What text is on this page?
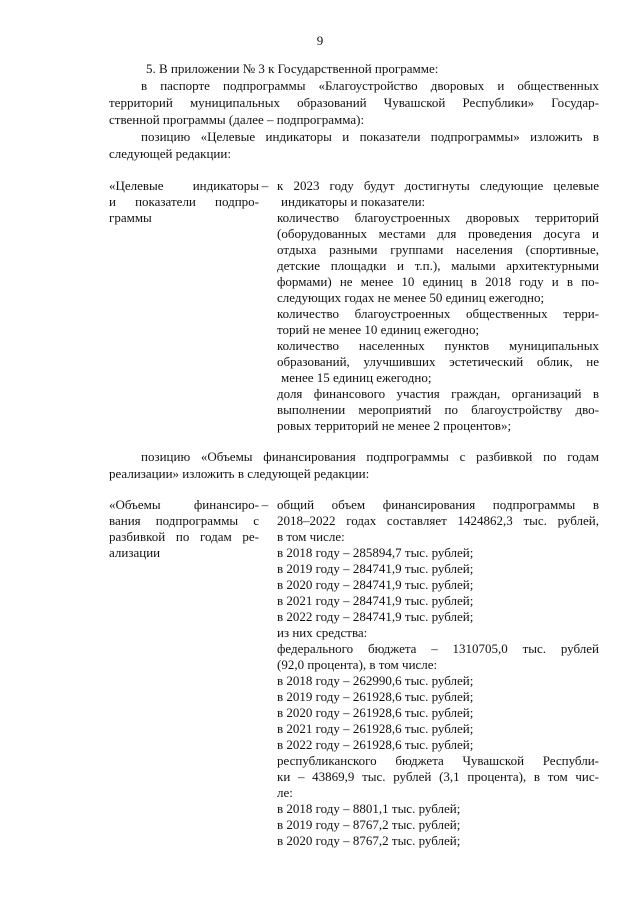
9

5. В приложении № 3 к Государственной программе:

в паспорте подпрограммы «Благоустройство дворовых и общественных

территорий муниципальных образований Чувашской Республики» Государ-

ственной программы (далее – подпрограмма):

позицию «Целевые индикаторы и показатели подпрограммы» изложить в

следующей редакции:

«Целевые индикаторы

и показатели подпро-

граммы

– к 2023 году будут достигнуты следующие целевые

индикаторы и показатели:

количество благоустроенных дворовых территорий

(оборудованных местами для проведения досуга и

отдыха разными группами населения (спортивные,

детские площадки и т.п.), малыми архитектурными

формами) не менее 10 единиц в 2018 году и в по-

следующих годах не менее 50 единиц ежегодно;

количество благоустроенных общественных терри-

торий не менее 10 единиц ежегодно;

количество населенных пунктов муниципальных

образований, улучшивших эстетический облик, не

менее 15 единиц ежегодно;

доля финансового участия граждан, организаций в

выполнении мероприятий по благоустройству дво-

ровых территорий не менее 2 процентов»;

позицию «Объемы финансирования подпрограммы с разбивкой по годам

реализации» изложить в следующей редакции:

«Объемы финансиро-

вания подпрограммы с

разбивкой по годам ре-

ализации

– общий объем финансирования подпрограммы в

2018–2022 годах составляет 1424862,3 тыс. рублей,

в том числе:

в 2018 году – 285894,7 тыс. рублей;

в 2019 году – 284741,9 тыс. рублей;

в 2020 году – 284741,9 тыс. рублей;

в 2021 году – 284741,9 тыс. рублей;

в 2022 году – 284741,9 тыс. рублей;

из них средства:

федерального бюджета – 1310705,0 тыс. рублей

(92,0 процента), в том числе:

в 2018 году – 262990,6 тыс. рублей;

в 2019 году – 261928,6 тыс. рублей;

в 2020 году – 261928,6 тыс. рублей;

в 2021 году – 261928,6 тыс. рублей;

в 2022 году – 261928,6 тыс. рублей;

республиканского бюджета Чувашской Республи-

ки – 43869,9 тыс. рублей (3,1 процента), в том чис-

ле:

в 2018 году – 8801,1 тыс. рублей;

в 2019 году – 8767,2 тыс. рублей;

в 2020 году – 8767,2 тыс. рублей;
